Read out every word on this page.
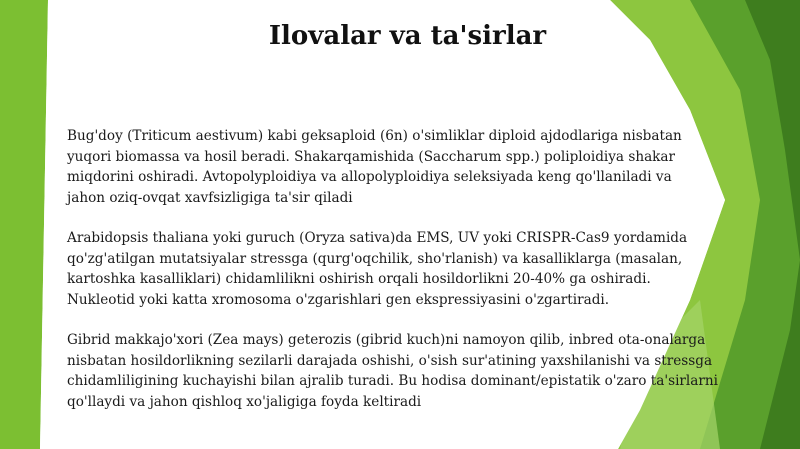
Ilovalar va ta'sirlar
Bug'doy (Triticum aestivum) kabi geksaploid (6n) o'simliklar diploid ajdodlariga nisbatan
yuqori biomassa va hosil beradi. Shakarqamishida (Saccharum spp.) poliploidiya shakar
miqdorini oshiradi. Avtopolyploidiya va allopolyploidiya seleksiyada keng qo'llaniladi va
jahon oziq-ovqat xavfsizligiga ta'sir qiladi
Arabidopsis thaliana yoki guruch (Oryza sativa)da EMS, UV yoki CRISPR-Cas9 yordamida
qo'zg'atilgan mutatsiyalar stressga (qurg'oqchilik, sho'rlanish) va kasalliklarga (masalan,
kartoshka kasalliklari) chidamlilikni oshirish orqali hosildorlikni 20-40% ga oshiradi.
Nukleotid yoki katta xromosoma o'zgarishlari gen ekspressiyasini o'zgartiradi.
Gibrid makkajo'xori (Zea mays) geterozis (gibrid kuch)ni namoyon qilib, inbred ota-onalarga
nisbatan hosildorlikning sezilarli darajada oshishi, o'sish sur'atining yaxshilanishi va stressga
chidamliligining kuchayishi bilan ajralib turadi. Bu hodisa dominant/epistatik o'zaro ta'sirlarni
qo'llaydi va jahon qishloq xo'jaligiga foyda keltiradi
